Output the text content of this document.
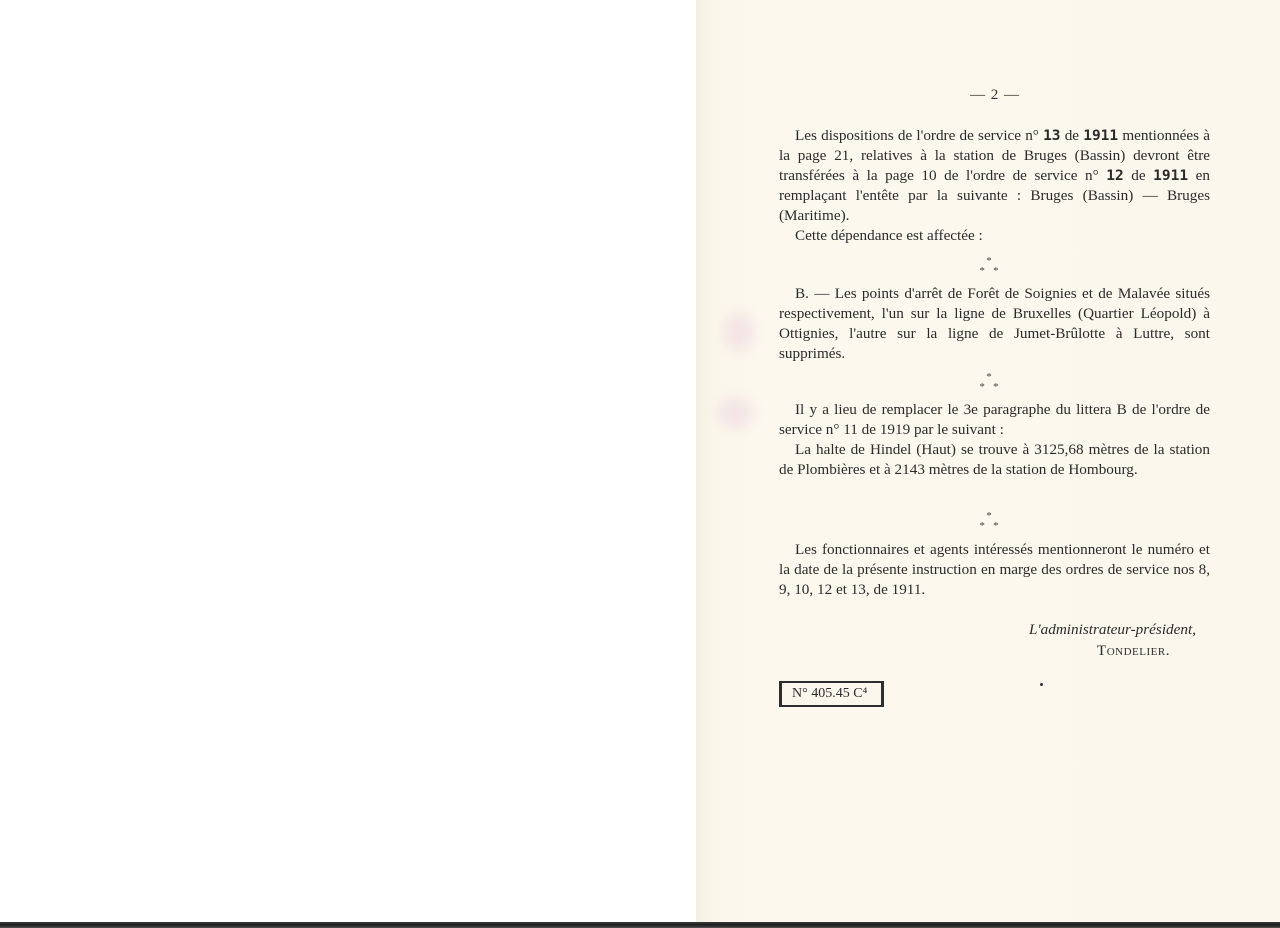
— 2 —

Les dispositions de l'ordre de service n° 13 de 1911 mentionnées à la page 21, relatives à la station de Bruges (Bassin) devront être transférées à la page 10 de l'ordre de service n° 12 de 1911 en remplaçant l'entête par la suivante : Bruges (Bassin) — Bruges (Maritime).

Cette dépendance est affectée :

*
* *

B. — Les points d'arrêt de Forêt de Soignies et de Malavée situés respectivement, l'un sur la ligne de Bruxelles (Quartier Léopold) à Ottignies, l'autre sur la ligne de Jumet-Brûlotte à Luttre, sont supprimés.

*
* *

Il y a lieu de remplacer le 3e paragraphe du littera B de l'ordre de service n° 11 de 1919 par le suivant :

La halte de Hindel (Haut) se trouve à 3125,68 mètres de la station de Plombières et à 2143 mètres de la station de Hombourg.

*
* *

Les fonctionnaires et agents intéressés mentionneront le numéro et la date de la présente instruction en marge des ordres de service nos 8, 9, 10, 12 et 13, de 1911.

L'administrateur-président,
Tondelier.
N° 405.45 C⁴
